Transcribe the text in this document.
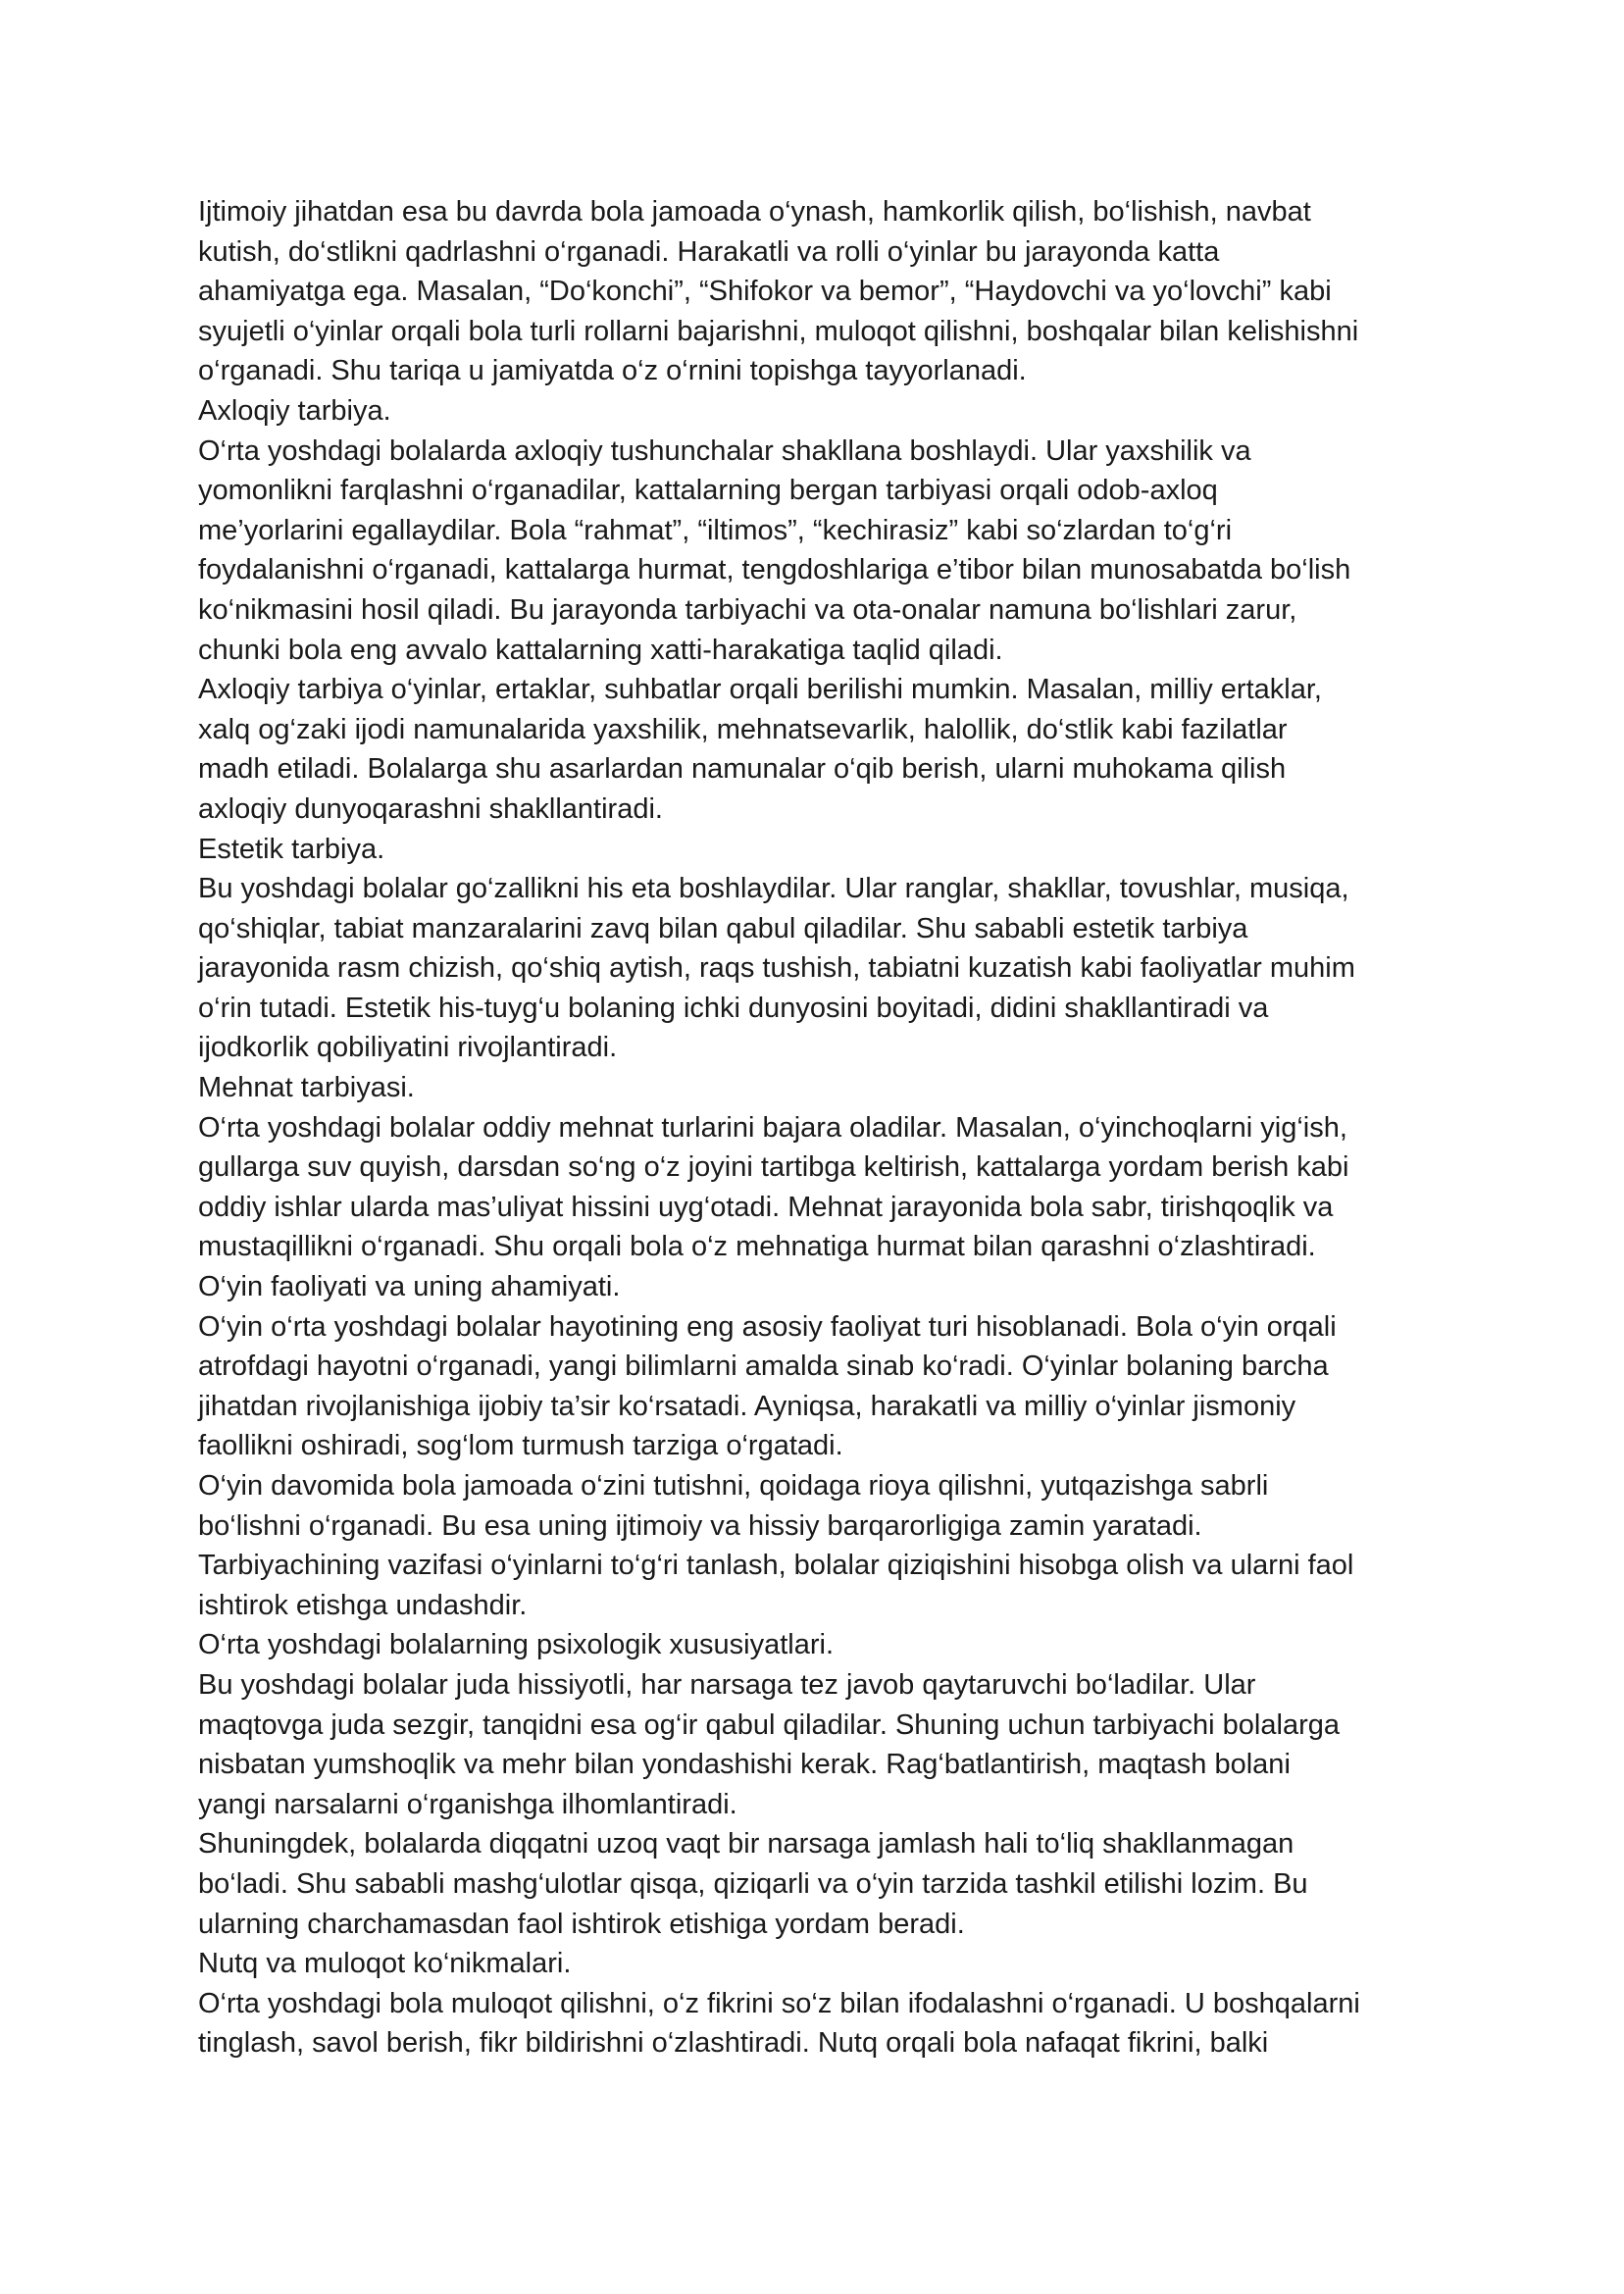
Ijtimoiy jihatdan esa bu davrda bola jamoada o‘ynash, hamkorlik qilish, bo‘lishish, navbat
kutish, do‘stlikni qadrlashni o‘rganadi. Harakatli va rolli o‘yinlar bu jarayonda katta
ahamiyatga ega. Masalan, “Do‘konchi”, “Shifokor va bemor”, “Haydovchi va yo‘lovchi” kabi
syujetli o‘yinlar orqali bola turli rollarni bajarishni, muloqot qilishni, boshqalar bilan kelishishni
o‘rganadi. Shu tariqa u jamiyatda o‘z o‘rnini topishga tayyorlanadi.
Axloqiy tarbiya.
O‘rta yoshdagi bolalarda axloqiy tushunchalar shakllana boshlaydi. Ular yaxshilik va
yomonlikni farqlashni o‘rganadilar, kattalarning bergan tarbiyasi orqali odob-axloq
me’yorlarini egallaydilar. Bola “rahmat”, “iltimos”, “kechirasiz” kabi so‘zlardan to‘g‘ri
foydalanishni o‘rganadi, kattalarga hurmat, tengdoshlariga e’tibor bilan munosabatda bo‘lish
ko‘nikmasini hosil qiladi. Bu jarayonda tarbiyachi va ota-onalar namuna bo‘lishlari zarur,
chunki bola eng avvalo kattalarning xatti-harakatiga taqlid qiladi.
Axloqiy tarbiya o‘yinlar, ertaklar, suhbatlar orqali berilishi mumkin. Masalan, milliy ertaklar,
xalq og‘zaki ijodi namunalarida yaxshilik, mehnatsevarlik, halollik, do‘stlik kabi fazilatlar
madh etiladi. Bolalarga shu asarlardan namunalar o‘qib berish, ularni muhokama qilish
axloqiy dunyoqarashni shakllantiradi.
Estetik tarbiya.
Bu yoshdagi bolalar go‘zallikni his eta boshlaydilar. Ular ranglar, shakllar, tovushlar, musiqa,
qo‘shiqlar, tabiat manzaralarini zavq bilan qabul qiladilar. Shu sababli estetik tarbiya
jarayonida rasm chizish, qo‘shiq aytish, raqs tushish, tabiatni kuzatish kabi faoliyatlar muhim
o‘rin tutadi. Estetik his-tuyg‘u bolaning ichki dunyosini boyitadi, didini shakllantiradi va
ijodkorlik qobiliyatini rivojlantiradi.
Mehnat tarbiyasi.
O‘rta yoshdagi bolalar oddiy mehnat turlarini bajara oladilar. Masalan, o‘yinchoqlarni yig‘ish,
gullarga suv quyish, darsdan so‘ng o‘z joyini tartibga keltirish, kattalarga yordam berish kabi
oddiy ishlar ularda mas’uliyat hissini uyg‘otadi. Mehnat jarayonida bola sabr, tirishqoqlik va
mustaqillikni o‘rganadi. Shu orqali bola o‘z mehnatiga hurmat bilan qarashni o‘zlashtiradi.
O‘yin faoliyati va uning ahamiyati.
O‘yin o‘rta yoshdagi bolalar hayotining eng asosiy faoliyat turi hisoblanadi. Bola o‘yin orqali
atrofdagi hayotni o‘rganadi, yangi bilimlarni amalda sinab ko‘radi. O‘yinlar bolaning barcha
jihatdan rivojlanishiga ijobiy ta’sir ko‘rsatadi. Ayniqsa, harakatli va milliy o‘yinlar jismoniy
faollikni oshiradi, sog‘lom turmush tarziga o‘rgatadi.
O‘yin davomida bola jamoada o‘zini tutishni, qoidaga rioya qilishni, yutqazishga sabrli
bo‘lishni o‘rganadi. Bu esa uning ijtimoiy va hissiy barqarorligiga zamin yaratadi.
Tarbiyachining vazifasi o‘yinlarni to‘g‘ri tanlash, bolalar qiziqishini hisobga olish va ularni faol
ishtirok etishga undashdir.
O‘rta yoshdagi bolalarning psixologik xususiyatlari.
Bu yoshdagi bolalar juda hissiyotli, har narsaga tez javob qaytaruvchi bo‘ladilar. Ular
maqtovga juda sezgir, tanqidni esa og‘ir qabul qiladilar. Shuning uchun tarbiyachi bolalarga
nisbatan yumshoqlik va mehr bilan yondashishi kerak. Rag‘batlantirish, maqtash bolani
yangi narsalarni o‘rganishga ilhomlantiradi.
Shuningdek, bolalarda diqqatni uzoq vaqt bir narsaga jamlash hali to‘liq shakllanmagan
bo‘ladi. Shu sababli mashg‘ulotlar qisqa, qiziqarli va o‘yin tarzida tashkil etilishi lozim. Bu
ularning charchamasdan faol ishtirok etishiga yordam beradi.
Nutq va muloqot ko‘nikmalari.
O‘rta yoshdagi bola muloqot qilishni, o‘z fikrini so‘z bilan ifodalashni o‘rganadi. U boshqalarni
tinglash, savol berish, fikr bildirishni o‘zlashtiradi. Nutq orqali bola nafaqat fikrini, balki
